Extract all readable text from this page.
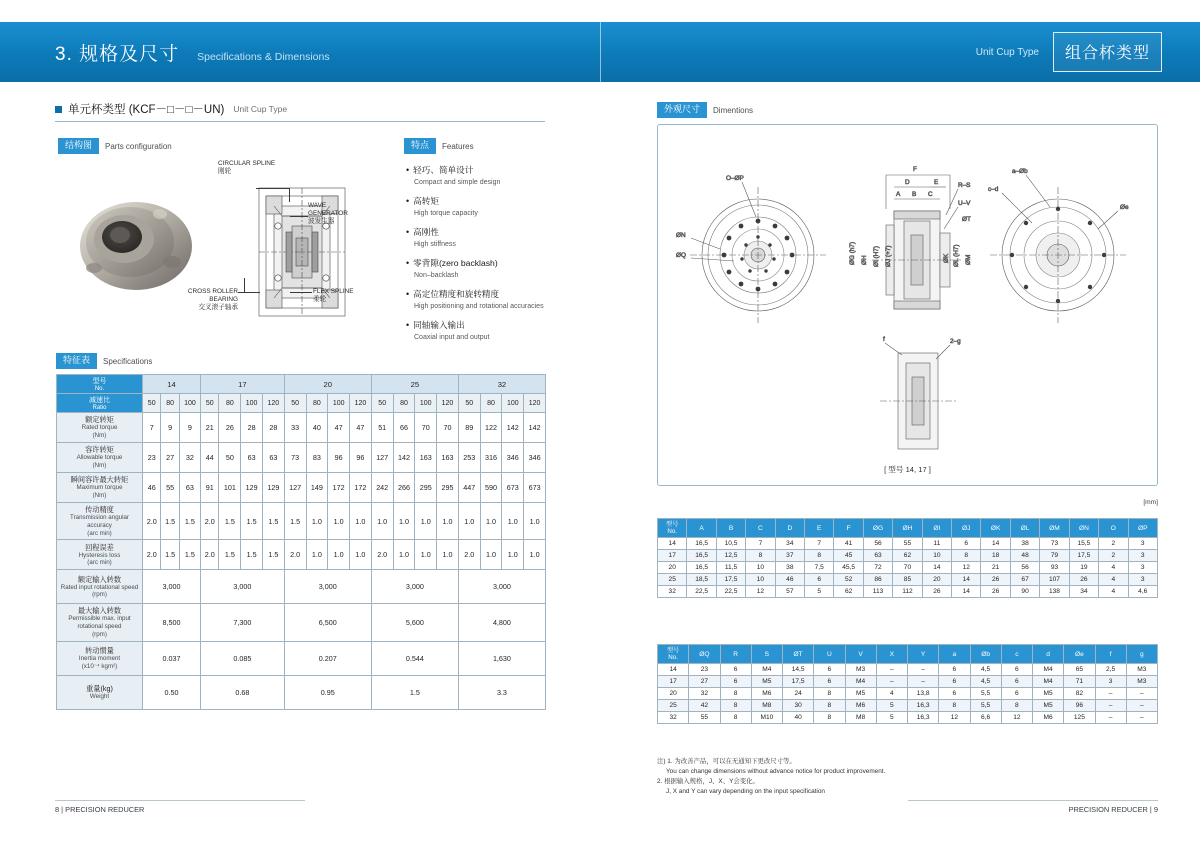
3. 规格及尺寸 Specifications & Dimensions	Unit Cup Type	组合杯类型
单元杯类型 (KCF－□－□－UN) Unit Cup Type
结构图	Parts configuration	特点	Features
CIRCULAR SPLINE
刚轮
WAVE GENERATOR
波发生器
FLEX SPLINE
柔轮
CROSS ROLLER BEARING
交叉滚子轴承
• 轻巧、简单设计
Compact and simple design
• 高转矩
High torque capacity
• 高刚性
High stiffness
• 零背隙(zero backlash)
Non–backlash
• 高定位精度和旋转精度
High positioning and rotational accuracies
• 同轴输入输出
Coaxial input and output
特征表	Specifications
型号
No.	14			17				20				25				32			

减速比
Ratio	50	80	100	50	80	100	120	50	80	100	120	50	80	100	120	50	80	100	120

额定转矩
Rated torque
(Nm)	7	9	9	21	26	28	28	33	40	47	47	51	66	70	70	89	122	142	142

容许转矩
Allowable torque
(Nm)	23	27	32	44	50	63	63	73	83	96	96	127	142	163	163	253	316	346	346

瞬间容许最大转矩
Maximum torque
(Nm)	46	55	63	91	101	129	129	127	149	172	172	242	266	295	295	447	590	673	673

传动精度
Transmission angular accuracy
(arc min)	2.0	1.5	1.5	2.0	1.5	1.5	1.5	1.5	1.0	1.0	1.0	1.0	1.0	1.0	1.0	1.0	1.0	1.0	1.0

回程误差
Hysteresis loss
(arc min)	2.0	1.5	1.5	2.0	1.5	1.5	1.5	2.0	1.0	1.0	1.0	2.0	1.0	1.0	1.0	2.0	1.0	1.0	1.0

额定输入转数
Rated input rotational speed
(rpm)	3,000			3,000				3,000				3,000				3,000			

最大输入转数
Permissible max. input rotational speed
(rpm)	8,500			7,300				6,500				5,600				4,800			

转动惯量
Inertia moment
(x10⁻⁴ kgm²)	0.037			0.085				0.207				0.544				1,630			

重量(kg)
Weight	0.50			0.68				0.95				1.5				3.3			
8 | PRECISION REDUCER
外观尺寸	Dimentions
O–ØP
ØN
ØQ
F
D	E
A B C
R–S
U–V
ØT
ØG (h7) ØH ØI (H7) ØJ (+7)	ØK ØL (H7) ØM
a–Øb
c–d
Øe
f	2–g
[ 型号 14, 17 ]
[mm]
型号
No.	A	B	C	D	E	F	ØG	ØH	ØI	ØJ	ØK	ØL	ØM	ØN	O	ØP
14	16,5	10,5	7	34	7	41	56	55	11	6	14	38	73	15,5	2	3
17	16,5	12,5	8	37	8	45	63	62	10	8	18	48	79	17,5	2	3
20	16,5	11,5	10	38	7,5	45,5	72	70	14	12	21	56	93	19	4	3
25	18,5	17,5	10	46	6	52	86	85	20	14	26	67	107	26	4	3
32	22,5	22,5	12	57	5	62	113	112	26	14	26	90	138	34	4	4,6
型号
No.	ØQ	R	S	ØT	U	V	X	Y	a	Øb	c	d	Øe	f	g
14	23	6	M4	14,5	6	M3	–	–	6	4,5	6	M4	65	2,5	M3
17	27	6	M5	17,5	6	M4	–	–	6	4,5	6	M4	71	3	M3
20	32	8	M6	24	8	M5	4	13,8	6	5,5	6	M5	82	–	–
25	42	8	M8	30	8	M6	5	16,3	8	5,5	8	M5	96	–	–
32	55	8	M10	40	8	M8	5	16,3	12	6,6	12	M6	125	–	–
注) 1. 为改善产品，可以在无通知下更改尺寸等。
You can change dimensions without advance notice for product improvement.
2. 根据输入规格，J、X、Y会变化。
J, X and Y can vary depending on the input specification
PRECISION REDUCER | 9
